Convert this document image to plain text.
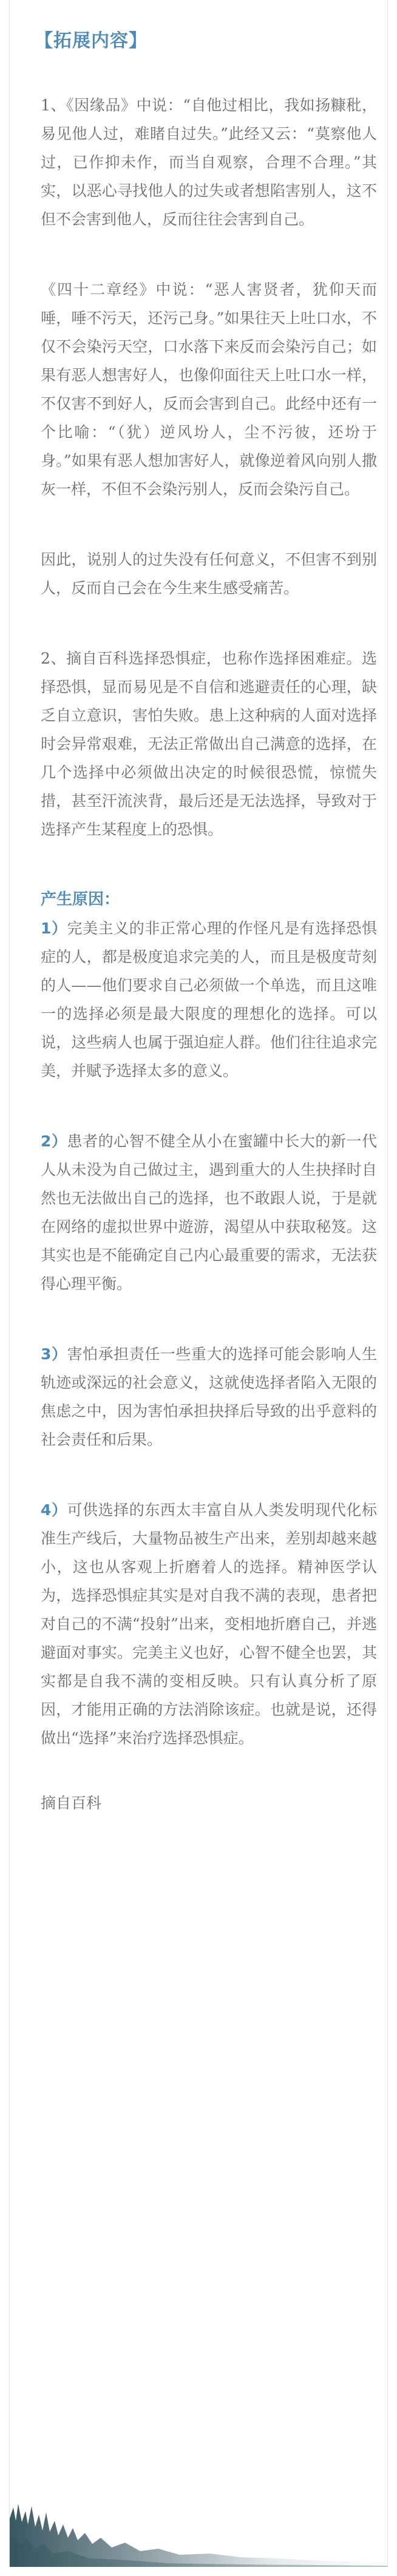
【拓展内容】

1、《因缘品》中说：“自他过相比，我如扬糠秕，易见他人过，难睹自过失。”此经又云：“莫察他人过，已作抑未作，而当自观察，合理不合理。”其实，以恶心寻找他人的过失或者想陷害别人，这不但不会害到他人，反而往往会害到自己。

《四十二章经》中说：“恶人害贤者，犹仰天而唾，唾不污天，还污己身。”如果往天上吐口水，不仅不会染污天空，口水落下来反而会染污自己；如果有恶人想害好人，也像仰面往天上吐口水一样，不仅害不到好人，反而会害到自己。此经中还有一个比喻：“（犹）逆风坋人，尘不污彼，还坋于身。”如果有恶人想加害好人，就像逆着风向别人撒灰一样，不但不会染污别人，反而会染污自己。

因此，说别人的过失没有任何意义，不但害不到别人，反而自己会在今生来生感受痛苦。

2、摘自百科选择恐惧症，也称作选择困难症。选择恐惧，显而易见是不自信和逃避责任的心理，缺乏自立意识，害怕失败。患上这种病的人面对选择时会异常艰难，无法正常做出自己满意的选择，在几个选择中必须做出决定的时候很恐慌，惊慌失措，甚至汗流浃背，最后还是无法选择，导致对于选择产生某程度上的恐惧。

产生原因：

1）完美主义的非正常心理的作怪凡是有选择恐惧症的人，都是极度追求完美的人，而且是极度苛刻的人——他们要求自己必须做一个单选，而且这唯一的选择必须是最大限度的理想化的选择。可以说，这些病人也属于强迫症人群。他们往往追求完美，并赋予选择太多的意义。

2）患者的心智不健全从小在蜜罐中长大的新一代人从未没为自己做过主，遇到重大的人生抉择时自然也无法做出自己的选择，也不敢跟人说，于是就在网络的虚拟世界中遊游，渴望从中获取秘笈。这其实也是不能确定自己内心最重要的需求，无法获得心理平衡。

3）害怕承担责任一些重大的选择可能会影响人生轨迹或深远的社会意义，这就使选择者陷入无限的焦虑之中，因为害怕承担抉择后导致的出乎意料的社会责任和后果。

4）可供选择的东西太丰富自从人类发明现代化标准生产线后，大量物品被生产出来，差别却越来越小，这也从客观上折磨着人的选择。精神医学认为，选择恐惧症其实是对自我不满的表现，患者把对自己的不满“投射”出来，变相地折磨自己，并逃避面对事实。完美主义也好，心智不健全也罢，其实都是自我不满的变相反映。只有认真分析了原因，才能用正确的方法消除该症。也就是说，还得做出“选择”来治疗选择恐惧症。

摘自百科
